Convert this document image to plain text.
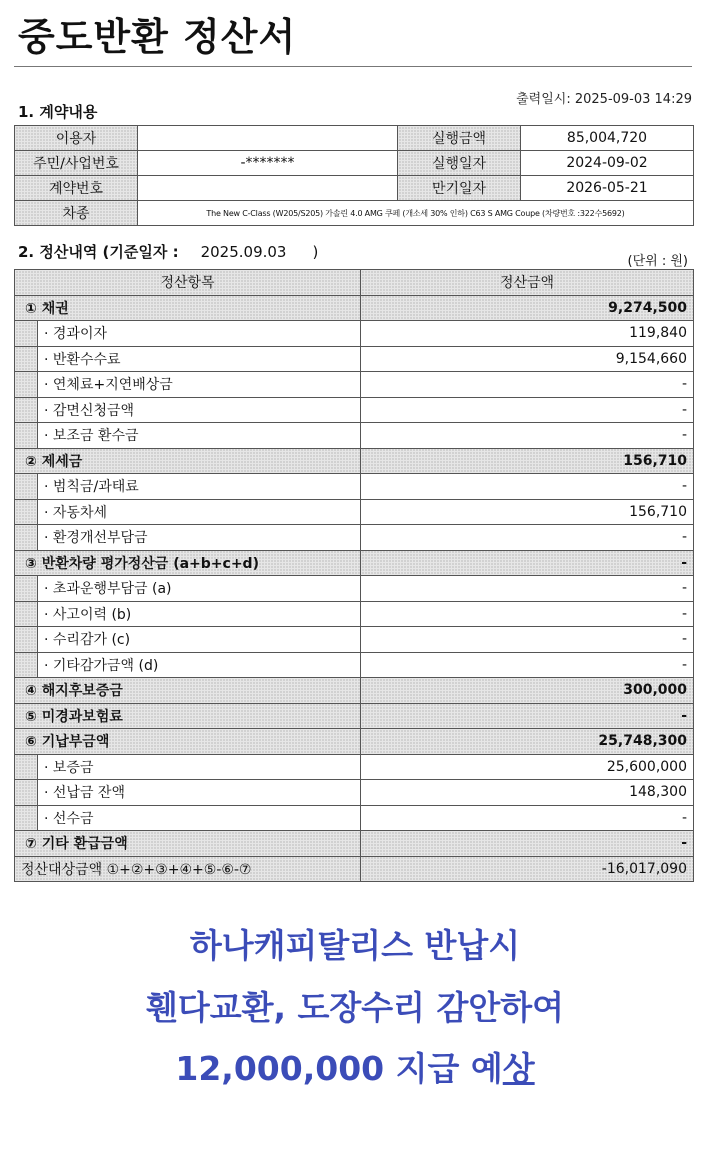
중도반환 정산서
출력일시: 2025-09-03 14:29
1. 계약내용
이용자		실행금액	85,004,720
주민/사업번호	-*******	실행일자	2024-09-02
계약번호		만기일자	2026-05-21
차종	The New C-Class (W205/S205) 가솔린 4.0 AMG 쿠페 (개소세 30% 인하) C63 S AMG Coupe (차량번호 :322수5692)		
2. 정산내역 (기준일자 : 2025.09.03 )
(단위 : 원)
정산항목		정산금액
① 채권		9,274,500
	· 경과이자	119,840
	· 반환수수료	9,154,660
	· 연체료+지연배상금	-
	· 감면신청금액	-
	· 보조금 환수금	-
② 제세금		156,710
	· 범칙금/과태료	-
	· 자동차세	156,710
	· 환경개선부담금	-
③ 반환차량 평가정산금 (a+b+c+d)		-
	· 초과운행부담금 (a)	-
	· 사고이력 (b)	-
	· 수리감가 (c)	-
	· 기타감가금액 (d)	-
④ 해지후보증금		300,000
⑤ 미경과보험료		-
⑥ 기납부금액		25,748,300
	· 보증금	25,600,000
	· 선납금 잔액	148,300
	· 선수금	-
⑦ 기타 환급금액		-
정산대상금액 ①+②+③+④+⑤-⑥-⑦		-16,017,090
하나캐피탈리스 반납시
휀다교환, 도장수리 감안하여
12,000,000 지급 예상
